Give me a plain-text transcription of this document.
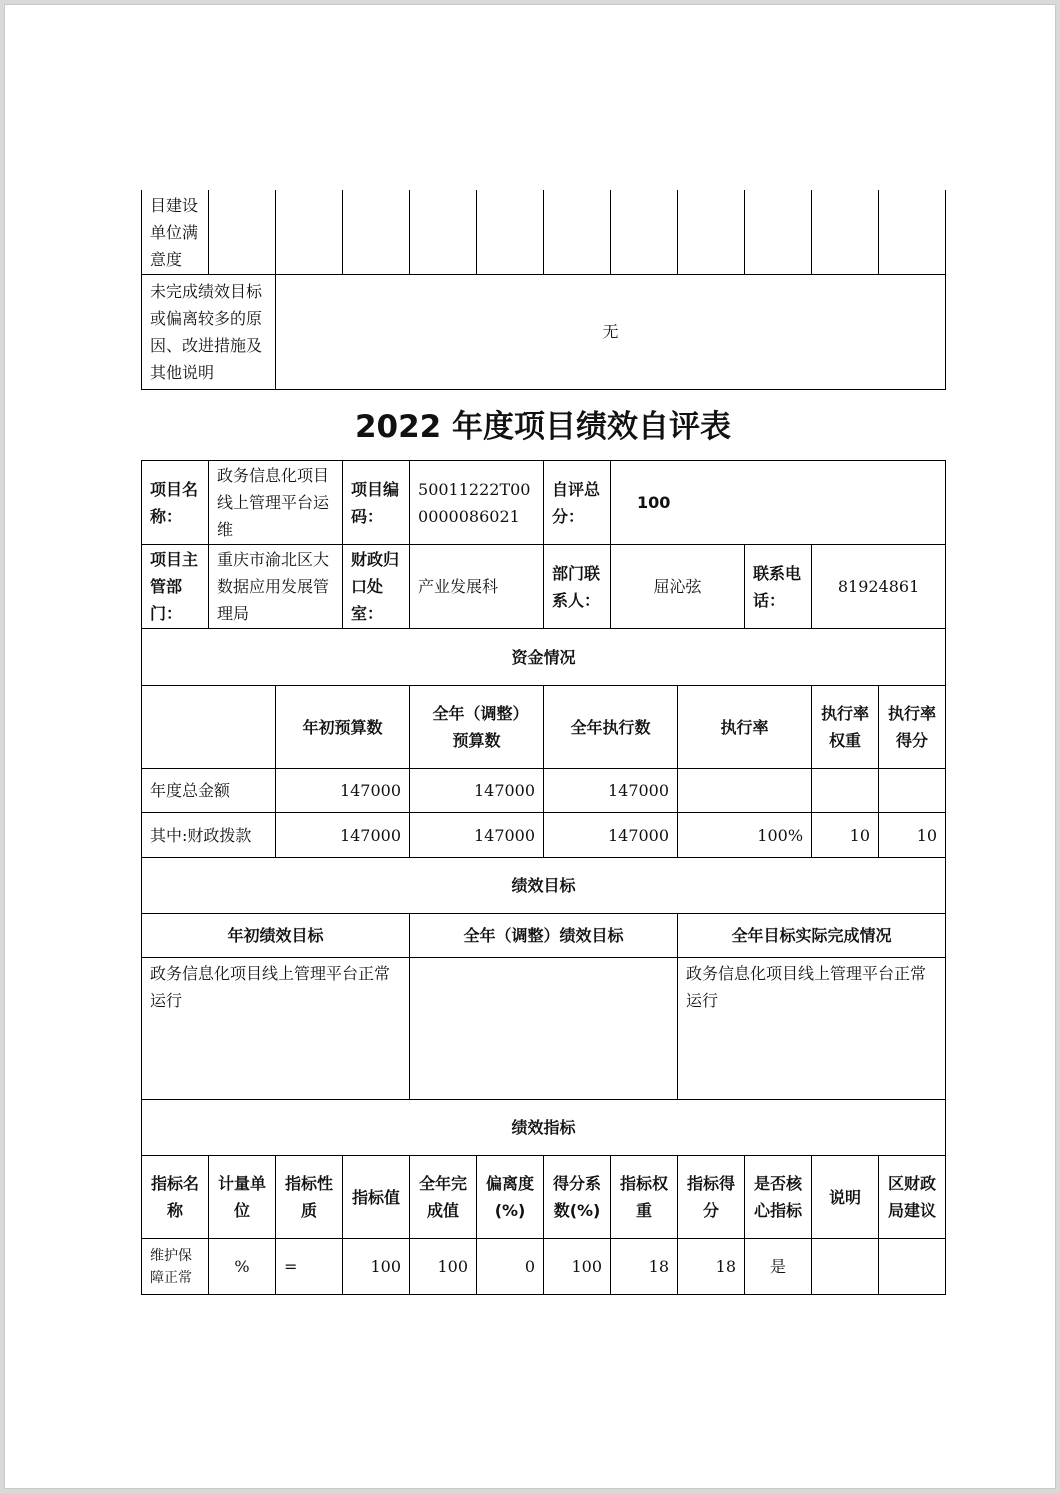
目建设单位满意度											
未完成绩效目标或偏离较多的原因、改进措施及其他说明		无									
2022 年度项目绩效自评表
项目名称：	政务信息化项目线上管理平台运维		项目编码：	50011222T000000086021		自评总分：	100				
项目主管部门：	重庆市渝北区大数据应用发展管理局		财政归口处室：	产业发展科		部门联系人：	屈沁弦		联系电话：	81924861	
资金情况											
		年初预算数		全年（调整）预算数		全年执行数		执行率		执行率权重	执行率得分
年度总金额		147000		147000		147000					
其中:财政拨款		147000		147000		147000		100%		10	10
绩效目标											
年初绩效目标				全年（调整）绩效目标				全年目标实际完成情况			
政务信息化项目线上管理平台正常运行								政务信息化项目线上管理平台正常运行			
绩效指标											
指标名称	计量单位	指标性质	指标值	全年完成值	偏离度(%)	得分系数(%)	指标权重	指标得分	是否核心指标	说明	区财政局建议
维护保障正常	%	=	100	100	0	100	18	18	是		
